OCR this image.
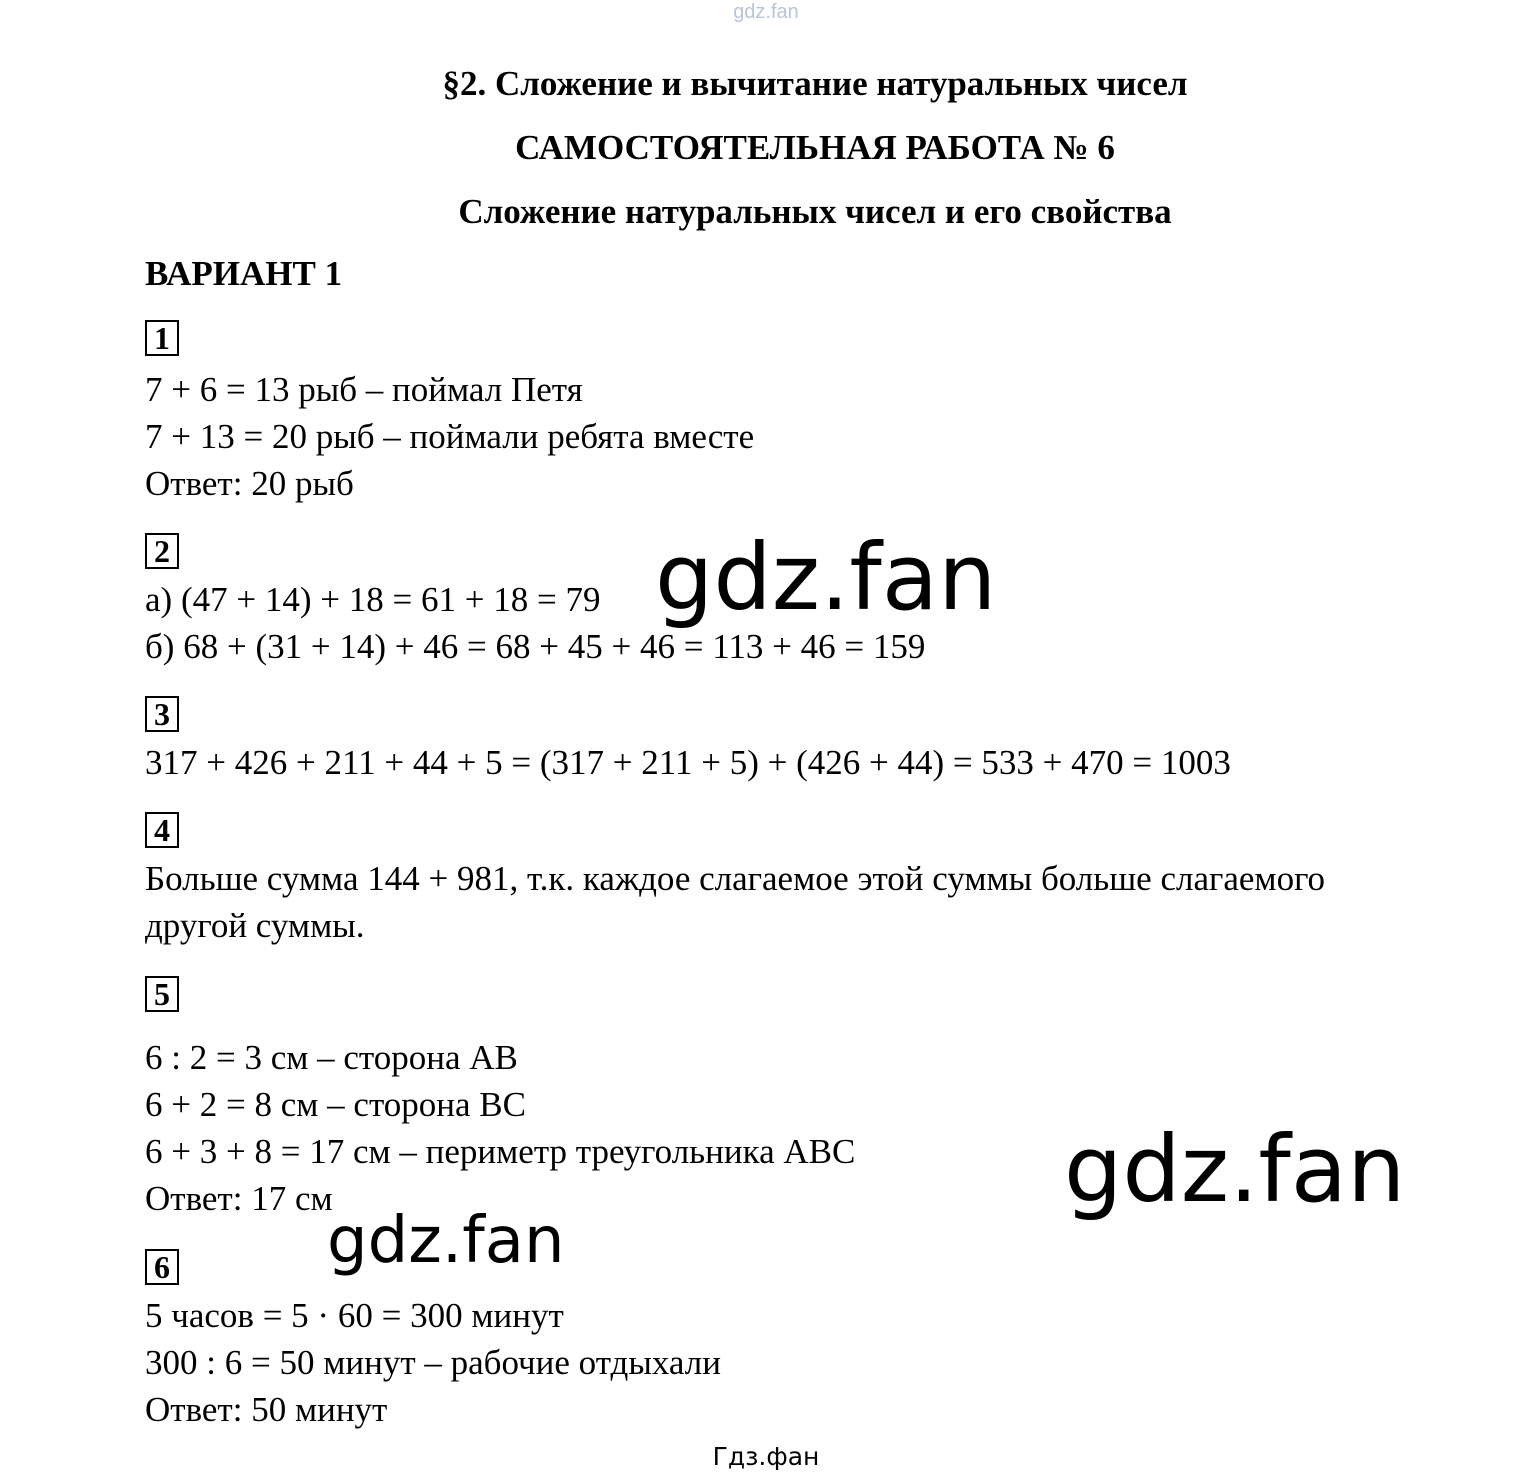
gdz.fan
§2. Сложение и вычитание натуральных чисел
САМОСТОЯТЕЛЬНАЯ РАБОТА № 6
Сложение натуральных чисел и его свойства
ВАРИАНТ 1
1
7 + 6 = 13 рыб – поймал Петя
7 + 13 = 20 рыб – поймали ребята вместе
Ответ: 20 рыб
2
а) (47 + 14) + 18 = 61 + 18 = 79
б) 68 + (31 + 14) + 46 = 68 + 45 + 46 = 113 + 46 = 159
3
317 + 426 + 211 + 44 + 5 = (317 + 211 + 5) + (426 + 44) = 533 + 470 = 1003
4
Больше сумма 144 + 981, т.к. каждое слагаемое этой суммы больше слагаемого
другой суммы.
5
6 : 2 = 3 см – сторона АВ
6 + 2 = 8 см – сторона ВС
6 + 3 + 8 = 17 см – периметр треугольника АВС
Ответ: 17 см
6
5 часов = 5 · 60 = 300 минут
300 : 6 = 50 минут – рабочие отдыхали
Ответ: 50 минут
gdz.fan
gdz.fan
gdz.fan
Гдз.фан
